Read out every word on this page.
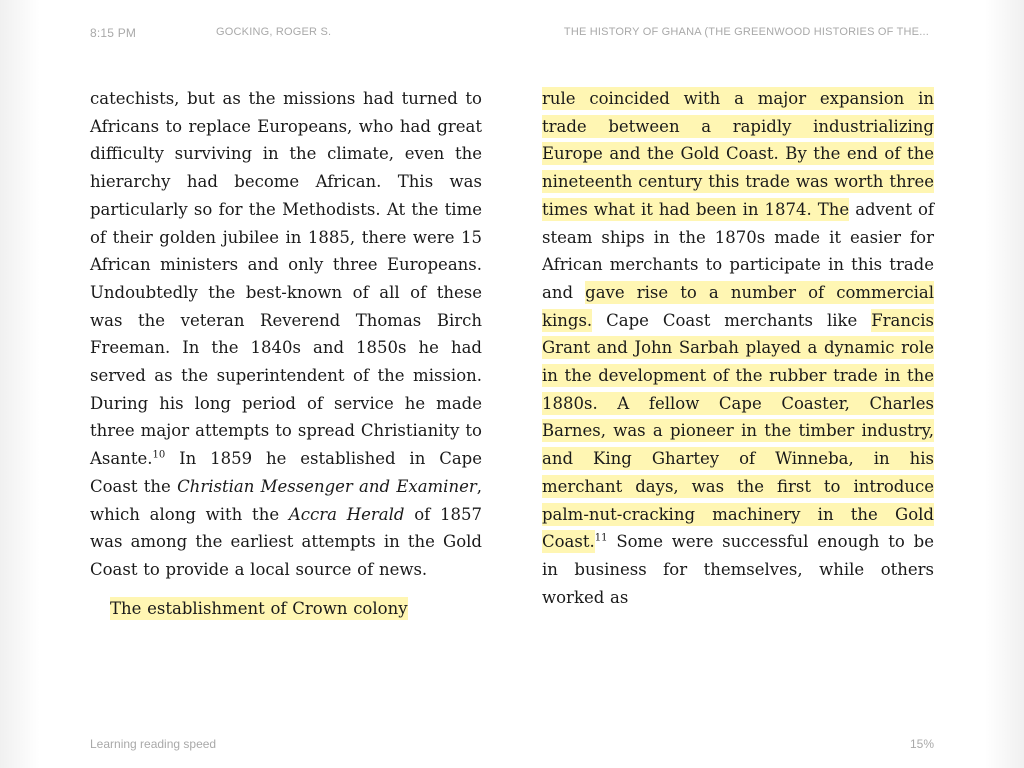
8:15 PM	GOCKING, ROGER S.	THE HISTORY OF GHANA (THE GREENWOOD HISTORIES OF THE...

catechists, but as the missions had turned to Africans to replace Europeans, who had great difficulty surviving in the climate, even the hierarchy had become African. This was particularly so for the Methodists. At the time of their golden jubilee in 1885, there were 15 African ministers and only three Europeans. Undoubtedly the best-known of all of these was the veteran Reverend Thomas Birch Freeman. In the 1840s and 1850s he had served as the superintendent of the mission. During his long period of service he made three major attempts to spread Christianity to Asante.$^{10}$ In 1859 he established in Cape Coast the Christian Messenger and Examiner, which along with the Accra Herald of 1857 was among the earliest attempts in the Gold Coast to provide a local source of news.

The establishment of Crown colony

rule coincided with a major expansion in trade between a rapidly industrializing Europe and the Gold Coast. By the end of the nineteenth century this trade was worth three times what it had been in 1874. The advent of steam ships in the 1870s made it easier for African merchants to participate in this trade and gave rise to a number of commercial kings. Cape Coast merchants like Francis Grant and John Sarbah played a dynamic role in the development of the rubber trade in the 1880s. A fellow Cape Coaster, Charles Barnes, was a pioneer in the timber industry, and King Ghartey of Winneba, in his merchant days, was the first to introduce palm-nut-cracking machinery in the Gold Coast.$^{11}$ Some were successful enough to be in business for themselves, while others worked as

Learning reading speed	15%
